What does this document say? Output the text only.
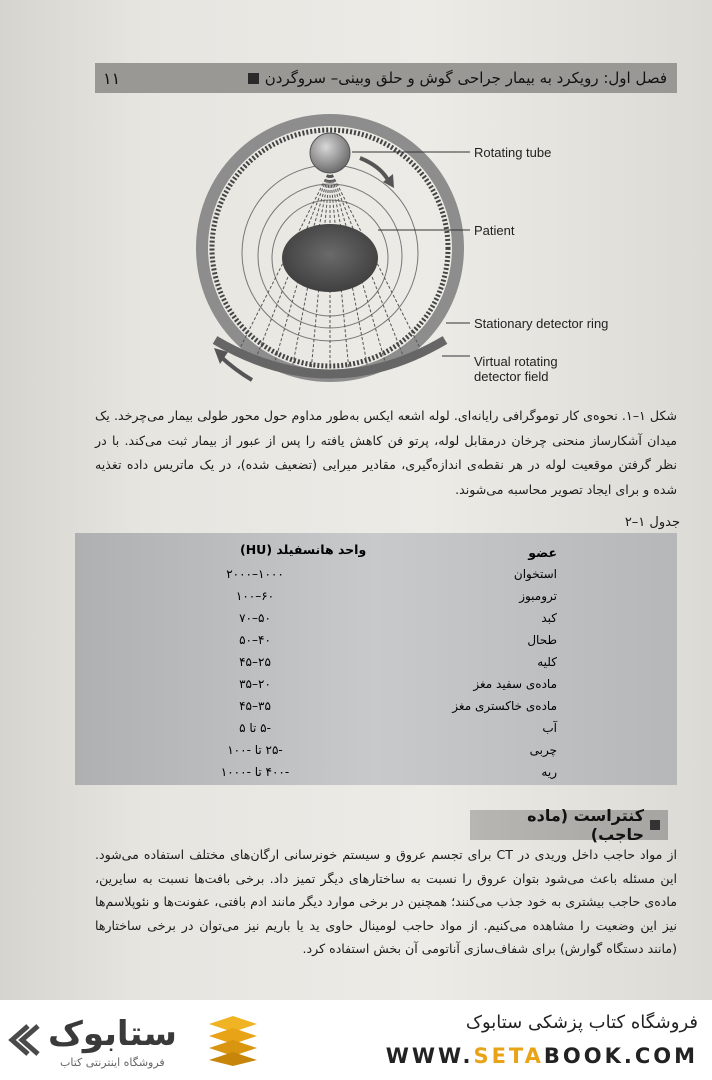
۱۱	فصل اول: رویکرد به بیمار جراحی گوش و حلق وبینی– سروگردن
Rotating tube
Patient
Stationary detector ring
Virtual rotating
detector field
شکل ۱–۱. نحوه‌ی کار توموگرافی رایانه‌ای. لوله اشعه ایکس به‌طور مداوم حول محور طولی بیمار می‌چرخد. یک میدان آشکارساز منحنی چرخان درمقابل لوله، پرتو فن کاهش یافته را پس از عبور از بیمار ثبت می‌کند. با در نظر گرفتن موقعیت لوله در هر نقطه‌ی اندازه‌گیری، مقادیر میرایی (تضعیف شده)، در یک ماتریس داده تغذیه شده و برای ایجاد تصویر محاسبه می‌شوند.
جدول ۱–۲
واحد هانسفیلد (HU)	عضو
۱۰۰۰–۲۰۰۰	استخوان
۶۰–۱۰۰	ترومبوز
۵۰–۷۰	کبد
۴۰–۵۰	طحال
۲۵–۴۵	کلیه
۲۰–۳۵	ماده‌ی سفید مغز
۳۵–۴۵	ماده‌ی خاکستری مغز
-۵ تا ۵	آب
-۲۵ تا -۱۰۰	چربی
-۴۰۰ تا -۱۰۰۰	ریه
کنتراست (ماده حاجب)
از مواد حاجب داخل وریدی در CT برای تجسم عروق و سیستم خونرسانی ارگان‌های مختلف استفاده می‌شود. این مسئله باعث می‌شود بتوان عروق را نسبت به ساختارهای دیگر تمیز داد. برخی بافت‌ها نسبت به سایرین، ماده‌ی حاجب بیشتری به خود جذب می‌کنند؛ همچنین در برخی موارد دیگر مانند ادم بافتی، عفونت‌ها و نئوپلاسم‌ها نیز این وضعیت را مشاهده می‌کنیم. از مواد حاجب لومینال حاوی ید یا باریم نیز می‌توان در برخی ساختارها (مانند دستگاه گوارش) برای شفاف‌سازی آناتومی آن بخش استفاده کرد.
ستابوک
فروشگاه اینترنتی کتاب
فروشگاه کتاب پزشکی ستابوک
WWW.SETABOOK.COM
